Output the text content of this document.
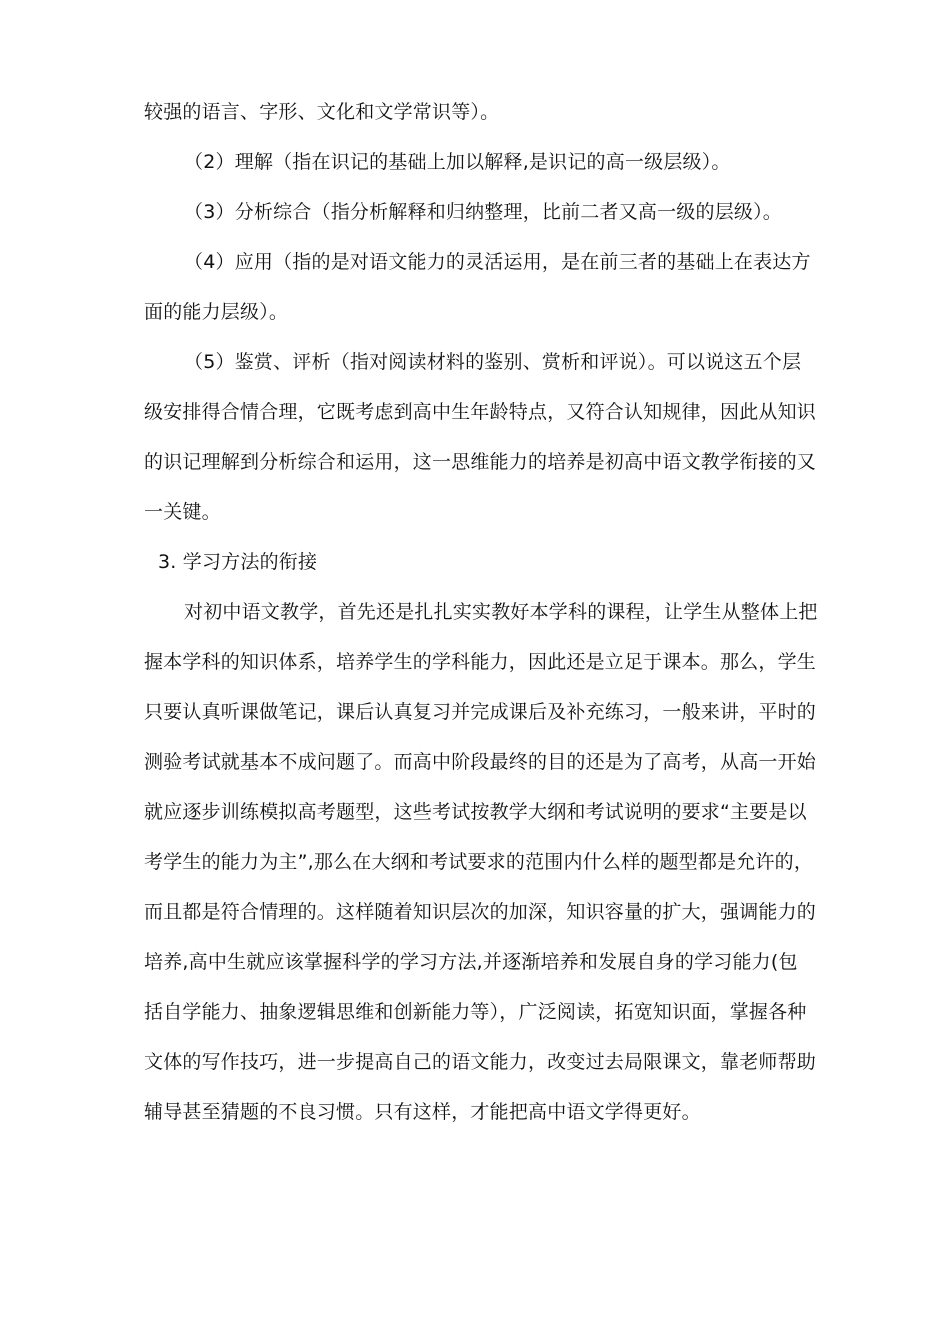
较强的语言、字形、文化和文学常识等）。
（2）理解（指在识记的基础上加以解释,是识记的高一级层级）。
（3）分析综合（指分析解释和归纳整理，比前二者又高一级的层级）。
（4）应用（指的是对语文能力的灵活运用，是在前三者的基础上在表达方
面的能力层级）。
（5）鉴赏、评析（指对阅读材料的鉴别、赏析和评说）。可以说这五个层
级安排得合情合理，它既考虑到高中生年龄特点，又符合认知规律，因此从知识
的识记理解到分析综合和运用，这一思维能力的培养是初高中语文教学衔接的又
一关键。
3. 学习方法的衔接
对初中语文教学，首先还是扎扎实实教好本学科的课程，让学生从整体上把
握本学科的知识体系，培养学生的学科能力，因此还是立足于课本。那么，学生
只要认真听课做笔记，课后认真复习并完成课后及补充练习，一般来讲，平时的
测验考试就基本不成问题了。而高中阶段最终的目的还是为了高考，从高一开始
就应逐步训练模拟高考题型，这些考试按教学大纲和考试说明的要求“主要是以
考学生的能力为主”,那么在大纲和考试要求的范围内什么样的题型都是允许的，
而且都是符合情理的。这样随着知识层次的加深，知识容量的扩大，强调能力的
培养,高中生就应该掌握科学的学习方法,并逐渐培养和发展自身的学习能力(包
括自学能力、抽象逻辑思维和创新能力等），广泛阅读，拓宽知识面，掌握各种
文体的写作技巧，进一步提高自己的语文能力，改变过去局限课文，靠老师帮助
辅导甚至猜题的不良习惯。只有这样，才能把高中语文学得更好。
